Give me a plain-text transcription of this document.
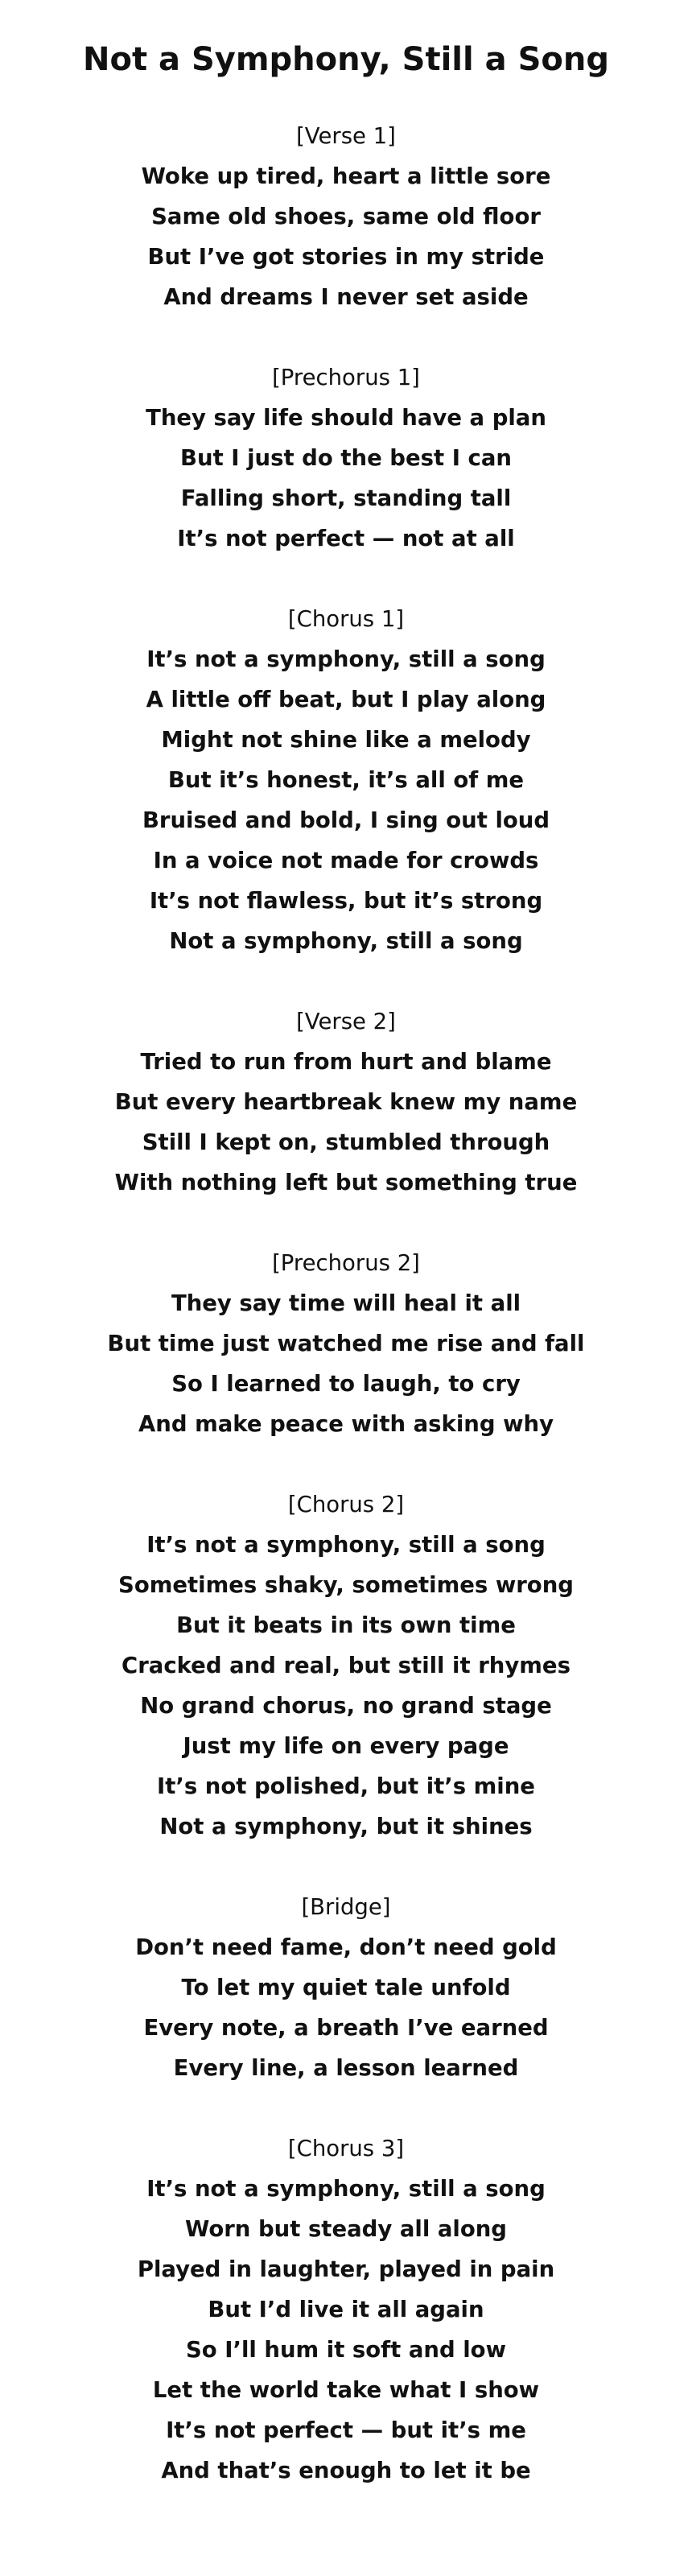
Not a Symphony, Still a Song
[Verse 1]
Woke up tired, heart a little sore
Same old shoes, same old floor
But I’ve got stories in my stride
And dreams I never set aside
[Prechorus 1]
They say life should have a plan
But I just do the best I can
Falling short, standing tall
It’s not perfect — not at all
[Chorus 1]
It’s not a symphony, still a song
A little off beat, but I play along
Might not shine like a melody
But it’s honest, it’s all of me
Bruised and bold, I sing out loud
In a voice not made for crowds
It’s not flawless, but it’s strong
Not a symphony, still a song
[Verse 2]
Tried to run from hurt and blame
But every heartbreak knew my name
Still I kept on, stumbled through
With nothing left but something true
[Prechorus 2]
They say time will heal it all
But time just watched me rise and fall
So I learned to laugh, to cry
And make peace with asking why
[Chorus 2]
It’s not a symphony, still a song
Sometimes shaky, sometimes wrong
But it beats in its own time
Cracked and real, but still it rhymes
No grand chorus, no grand stage
Just my life on every page
It’s not polished, but it’s mine
Not a symphony, but it shines
[Bridge]
Don’t need fame, don’t need gold
To let my quiet tale unfold
Every note, a breath I’ve earned
Every line, a lesson learned
[Chorus 3]
It’s not a symphony, still a song
Worn but steady all along
Played in laughter, played in pain
But I’d live it all again
So I’ll hum it soft and low
Let the world take what I show
It’s not perfect — but it’s me
And that’s enough to let it be
